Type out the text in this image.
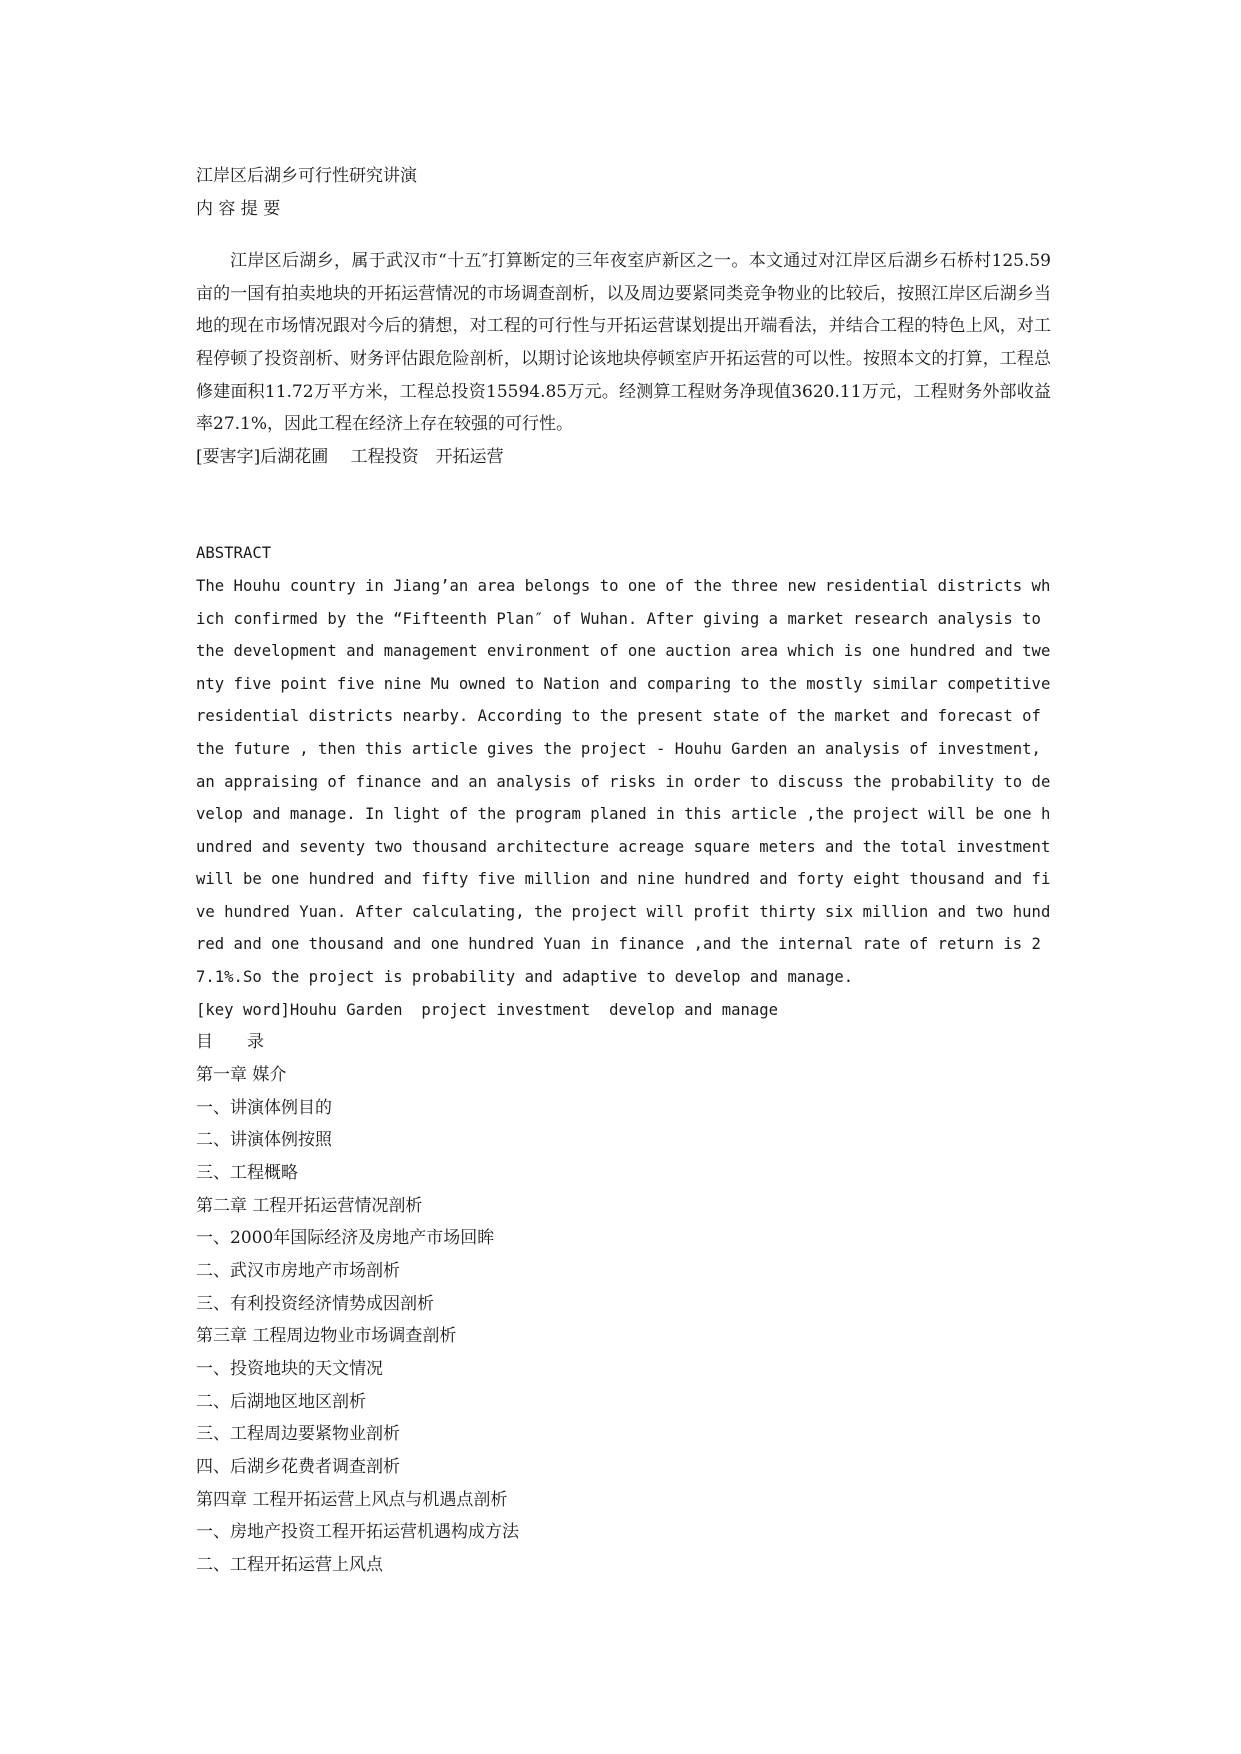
江岸区后湖乡可行性研究讲演
内 容 提 要

江岸区后湖乡，属于武汉市“十五″打算断定的三年夜室庐新区之一。本文通过对江岸区后湖乡石桥村125.59亩的一国有拍卖地块的开拓运营情况的市场调查剖析，以及周边要紧同类竞争物业的比较后，按照江岸区后湖乡当地的现在市场情况跟对今后的猜想，对工程的可行性与开拓运营谋划提出开端看法，并结合工程的特色上风，对工程停顿了投资剖析、财务评估跟危险剖析，以期讨论该地块停顿室庐开拓运营的可以性。按照本文的打算，工程总修建面积11.72万平方米，工程总投资15594.85万元。经测算工程财务净现值3620.11万元，工程财务外部收益率27.1%，因此工程在经济上存在较强的可行性。

[要害字]后湖花圃　 工程投资　开拓运营
ABSTRACT

The Houhu country in Jiang’an area belongs to one of the three new residential districts which confirmed by the “Fifteenth Plan″ of Wuhan. After giving a market research analysis to the development and management environment of one auction area which is one hundred and twenty five point five nine Mu owned to Nation and comparing to the mostly similar competitive residential districts nearby. According to the present state of the market and forecast of the future , then this article gives the project - Houhu Garden an analysis of investment, an appraising of finance and an analysis of risks in order to discuss the probability to develop and manage. In light of the program planed in this article ,the project will be one hundred and seventy two thousand architecture acreage square meters and the total investment will be one hundred and fifty five million and nine hundred and forty eight thousand and five hundred Yuan. After calculating, the project will profit thirty six million and two hundred and one thousand and one hundred Yuan in finance ,and the internal rate of return is 27.1%.So the project is probability and adaptive to develop and manage.

[key word]Houhu Garden  project investment  develop and manage
目　　录
第一章 媒介
一、讲演体例目的
二、讲演体例按照
三、工程概略
第二章 工程开拓运营情况剖析
一、2000年国际经济及房地产市场回眸
二、武汉市房地产市场剖析
三、有利投资经济情势成因剖析
第三章 工程周边物业市场调查剖析
一、投资地块的天文情况
二、后湖地区地区剖析
三、工程周边要紧物业剖析
四、后湖乡花费者调查剖析
第四章 工程开拓运营上风点与机遇点剖析
一、房地产投资工程开拓运营机遇构成方法
二、工程开拓运营上风点
